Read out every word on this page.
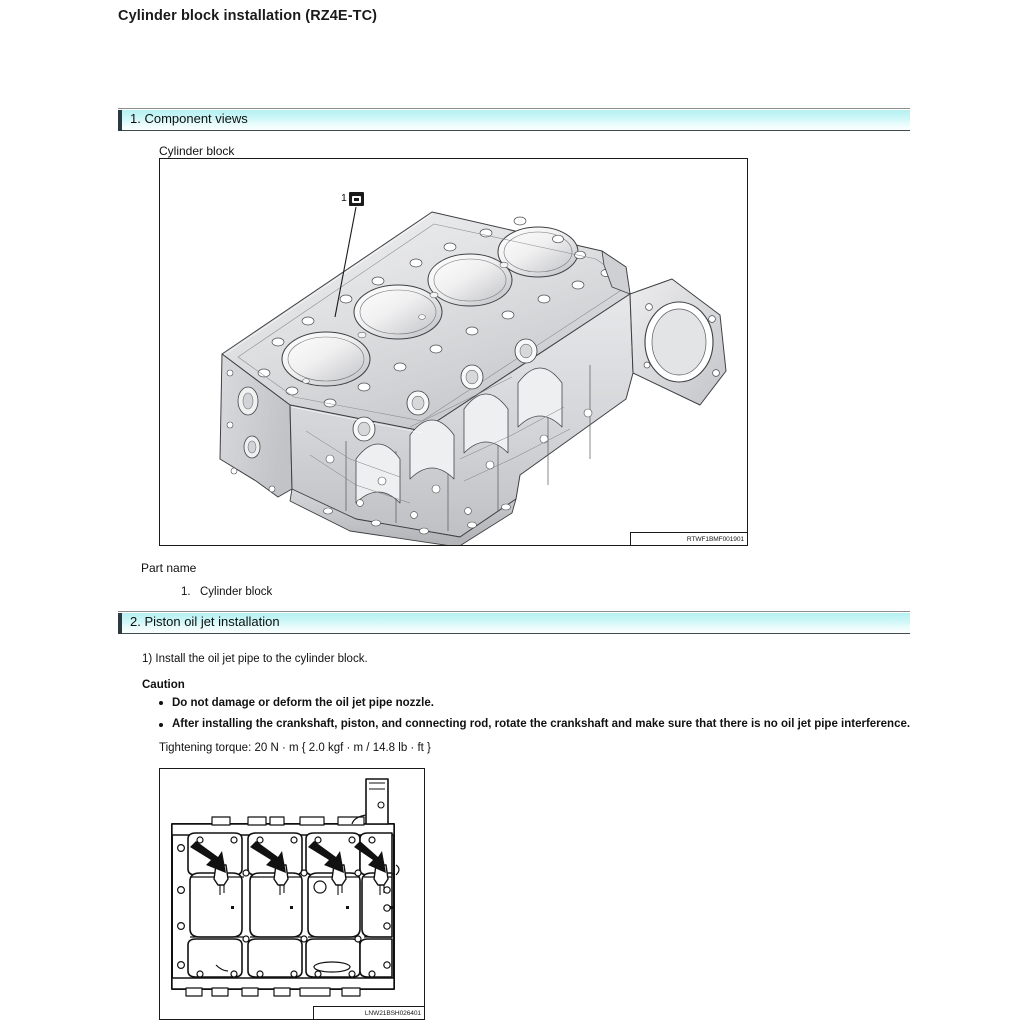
Cylinder block installation (RZ4E-TC)
1. Component views
Cylinder block
RTWF1BMF001901
1
Part name
1. Cylinder block
2. Piston oil jet installation
1) Install the oil jet pipe to the cylinder block.
Caution
Do not damage or deform the oil jet pipe nozzle.
After installing the crankshaft, piston, and connecting rod, rotate the crankshaft and make sure that there is no oil jet pipe interference.
Tightening torque: 20 N · m { 2.0 kgf · m / 14.8 lb · ft }
LNW21BSH026401
